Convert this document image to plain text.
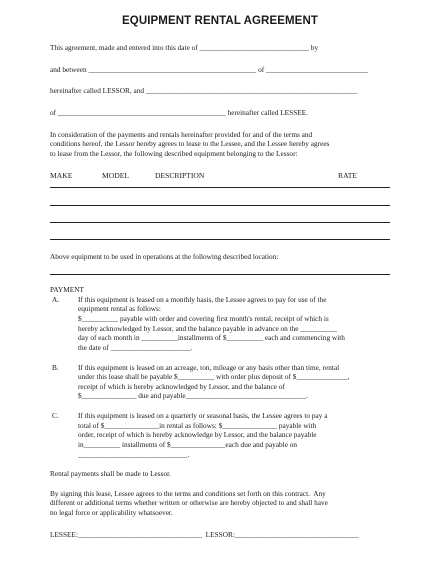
EQUIPMENT RENTAL AGREEMENT
This agreement, made and entered into this date of ______________________________ by
and between ______________________________________________ of ____________________________
hereinafter called LESSOR, and __________________________________________________________
of ______________________________________________ hereinafter called LESSEE.
In consideration of the payments and rentals hereinafter provided for and of the terms and
conditions hereof, the Lessor hereby agrees to lease to the Lessee, and the Lessee hereby agrees
to lease from the Lessor, the following described equipment belonging to the Lessor:
MAKE	MODEL	DESCRIPTION	RATE
Above equipment to be used in operations at the following described location:
PAYMENT
A.	If this equipment is leased on a monthly basis, the Lessee agrees to pay for use of the
equipment rental as follows:
$__________ payable with order and covering first month's rental, receipt of which is
hereby acknowledged by Lessor, and the balance payable in advance on the __________
day of each month in __________installments of $__________ each and commencing with
the date of ______________________.
B.	If this equipment is leased on an acreage, ton, mileage or any basis other than time, rental
under this lease shall be payable $__________ with order plus deposit of $______________,
receipt of which is hereby acknowledged by Lessor, and the balance of
$_______________ due and payable_________________________________.
C.	If this equipment is leased on a quarterly or seasonal basis, the Lessee agrees to pay a
total of $_______________in rental as follows: $_______________ payable with
order, receipt of which is hereby acknowledge by Lessor, and the balance payable
in__________ installments of $_______________each due and payable on
______________________________.
Rental payments shall be made to Lessor.
By signing this lease, Lessee agrees to the terms and conditions set forth on this contract.  Any
different or additional terms whether written or otherwise are hereby objected to and shall have
no legal force or applicability whatsoever.
LESSEE:__________________________________  LESSOR:__________________________________
